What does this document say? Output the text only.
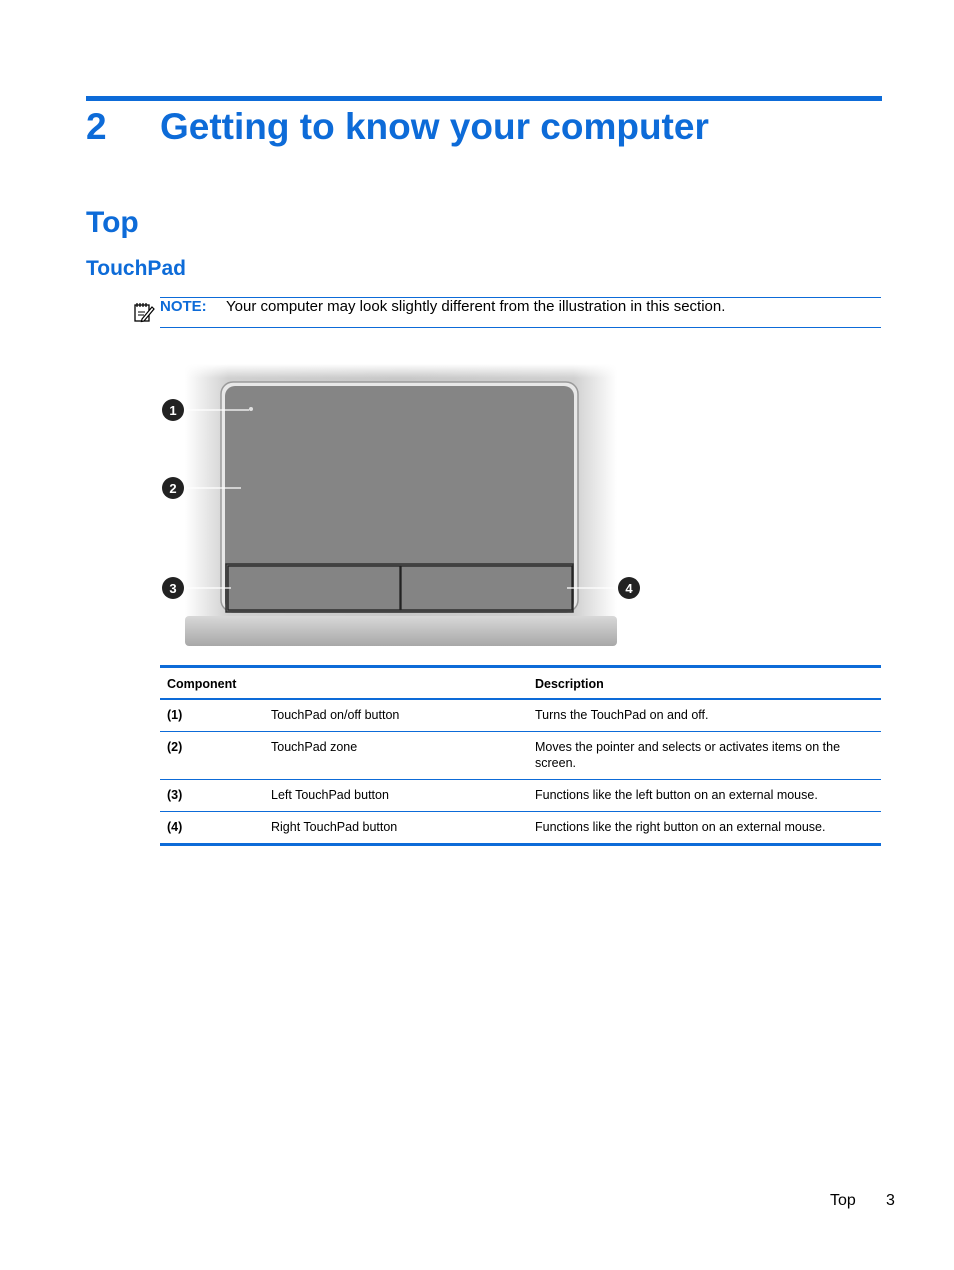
2 Getting to know your computer
Top
TouchPad
NOTE: Your computer may look slightly different from the illustration in this section.
1
2
3	4
Component		Description
(1)	TouchPad on/off button	Turns the TouchPad on and off.
(2)	TouchPad zone	Moves the pointer and selects or activates items on the screen.
(3)	Left TouchPad button	Functions like the left button on an external mouse.
(4)	Right TouchPad button	Functions like the right button on an external mouse.
Top 3
